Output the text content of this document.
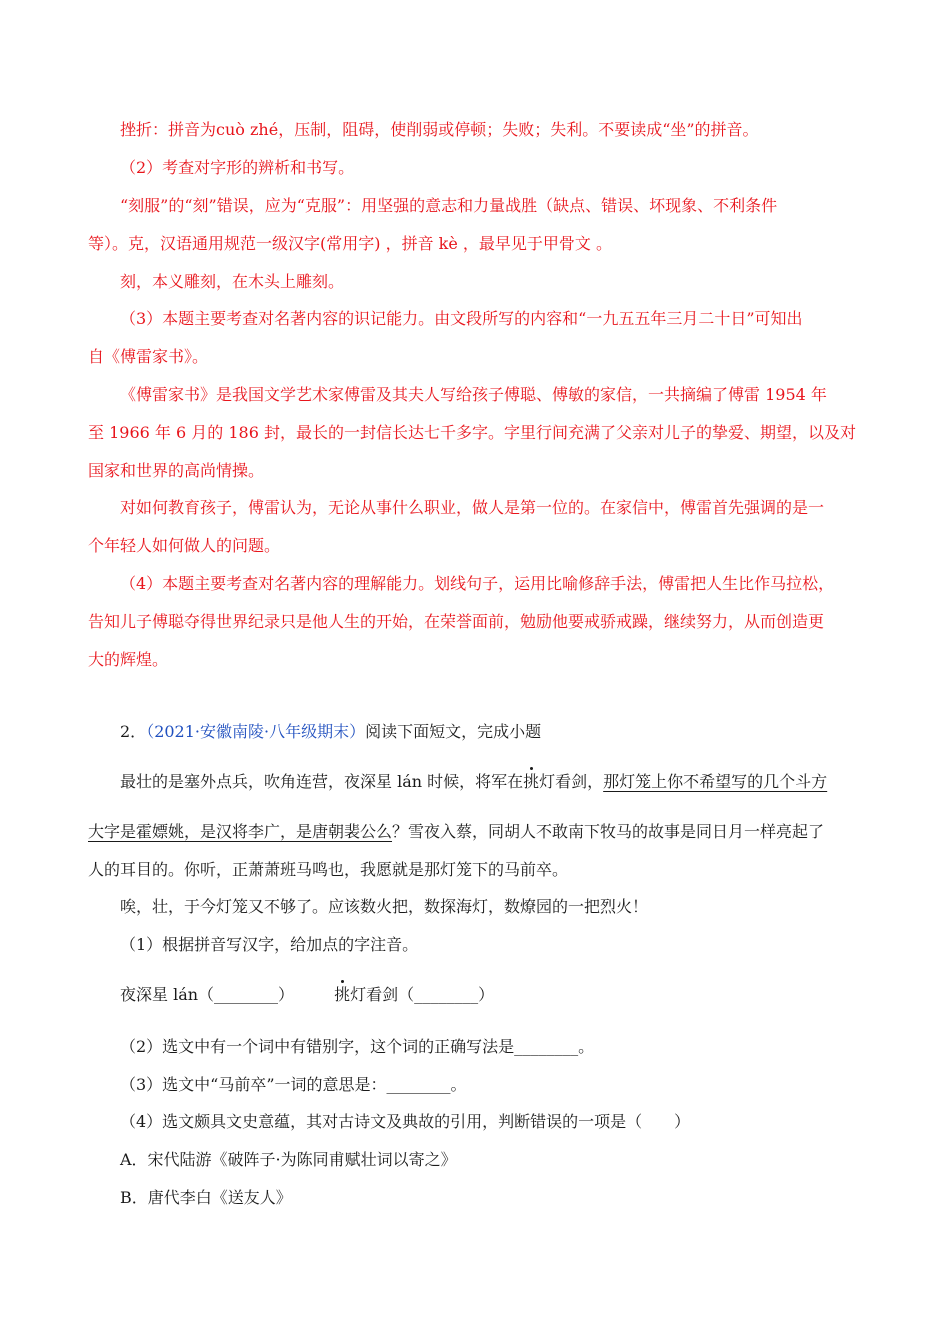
挫折：拼音为cuò zhé，压制，阻碍，使削弱或停顿；失败；失利。不要读成“坐”的拼音。
（2）考查对字形的辨析和书写。
“刻服”的“刻”错误，应为“克服”：用坚强的意志和力量战胜（缺点、错误、坏现象、不利条件
等）。克，汉语通用规范一级汉字(常用字) ，拼音 kè ，最早见于甲骨文 。
刻，本义雕刻，在木头上雕刻。
（3）本题主要考查对名著内容的识记能力。由文段所写的内容和“一九五五年三月二十日”可知出
自《傅雷家书》。
《傅雷家书》是我国文学艺术家傅雷及其夫人写给孩子傅聪、傅敏的家信，一共摘编了傅雷 1954 年
至 1966 年 6 月的 186 封，最长的一封信长达七千多字。字里行间充满了父亲对儿子的挚爱、期望，以及对
国家和世界的高尚情操。
对如何教育孩子，傅雷认为，无论从事什么职业，做人是第一位的。在家信中，傅雷首先强调的是一
个年轻人如何做人的问题。
（4）本题主要考查对名著内容的理解能力。划线句子，运用比喻修辞手法，傅雷把人生比作马拉松，
告知儿子傅聪夺得世界纪录只是他人生的开始，在荣誉面前，勉励他要戒骄戒躁，继续努力，从而创造更
大的辉煌。
2．（2021·安徽南陵·八年级期末）阅读下面短文，完成小题
最壮的是塞外点兵，吹角连营，夜深星 lán 时候，将军在挑灯看剑，那灯笼上你不希望写的几个斗方
大字是霍嫖姚，是汉将李广，是唐朝裴公么？雪夜入蔡，同胡人不敢南下牧马的故事是同日月一样亮起了
人的耳目的。你听，正萧萧班马鸣也，我愿就是那灯笼下的马前卒。
唉，壮，于今灯笼又不够了。应该数火把，数探海灯，数燎园的一把烈火！
（1）根据拼音写汉字，给加点的字注音。
夜深星 lán（________）	挑灯看剑（________）
（2）选文中有一个词中有错别字，这个词的正确写法是________。
（3）选文中“马前卒”一词的意思是：________。
（4）选文颇具文史意蕴，其对古诗文及典故的引用，判断错误的一项是（　　）
A．宋代陆游《破阵子·为陈同甫赋壮词以寄之》
B．唐代李白《送友人》
